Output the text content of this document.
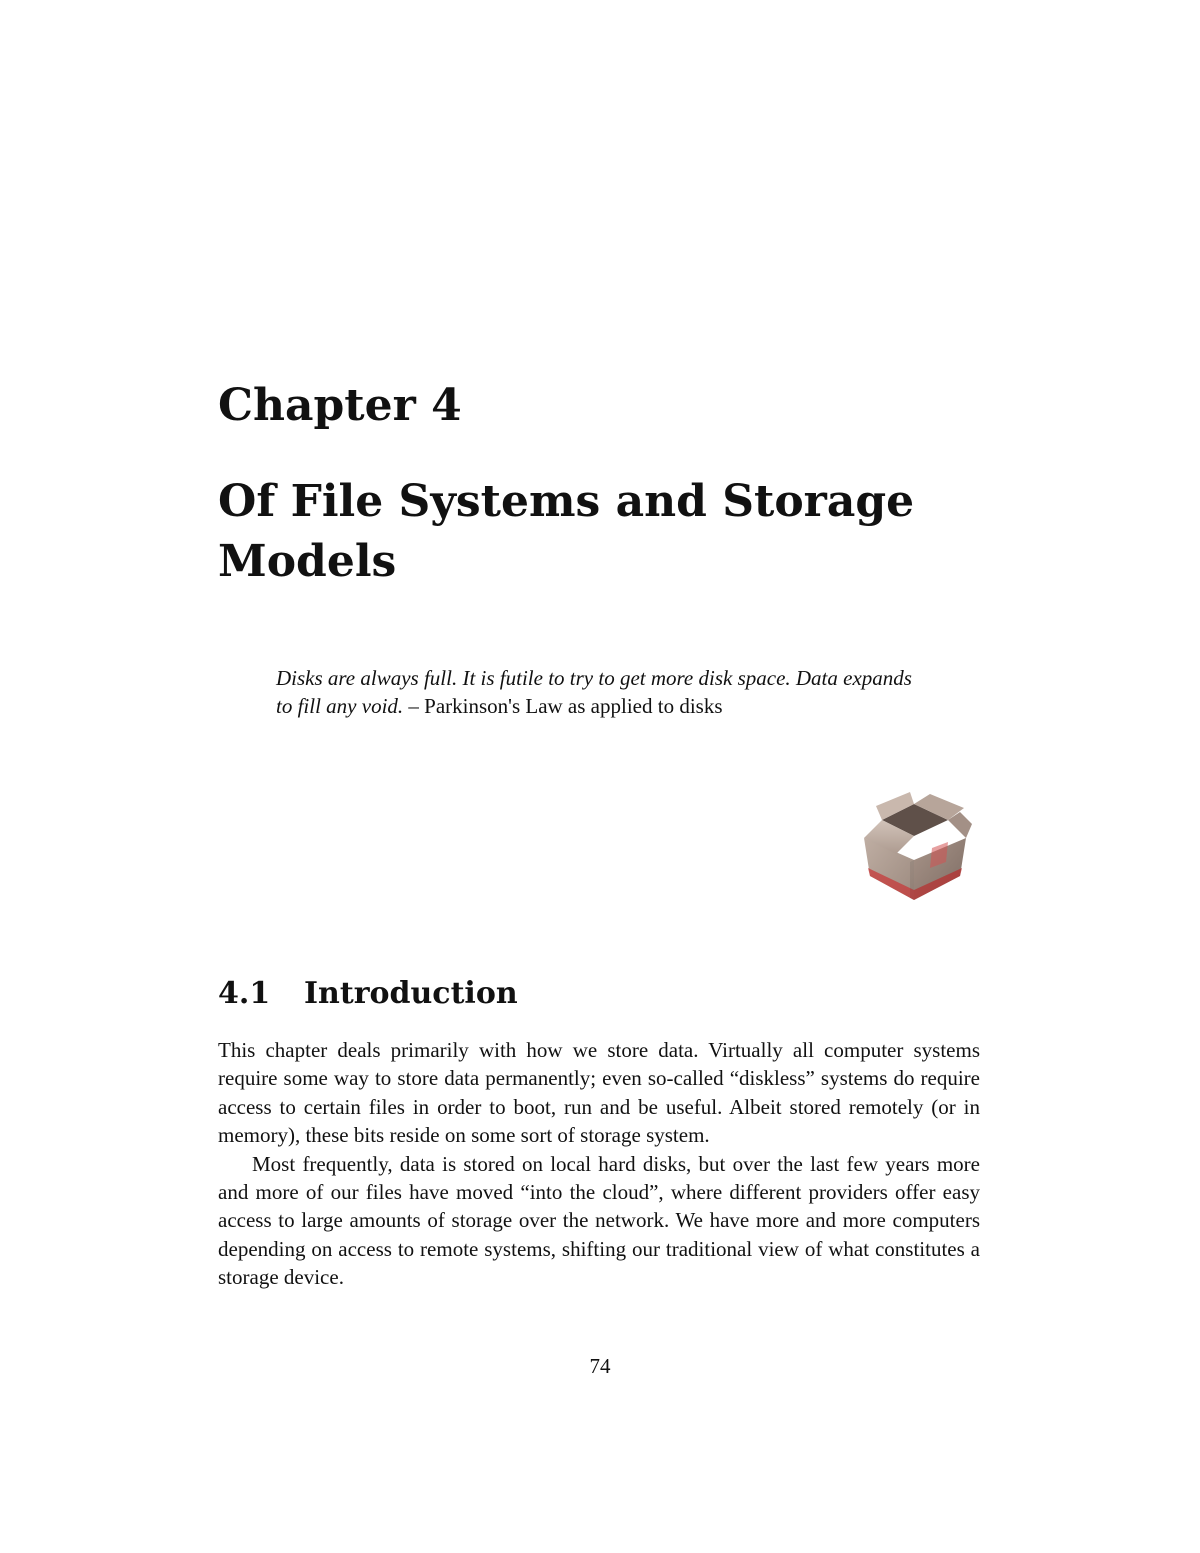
Chapter 4
Of File Systems and Storage Models

Disks are always full. It is futile to try to get more disk space. Data expands to fill any void. – Parkinson's Law as applied to disks

4.1 Introduction

This chapter deals primarily with how we store data. Virtually all computer systems require some way to store data permanently; even so-called “diskless” systems do require access to certain files in order to boot, run and be useful. Albeit stored remotely (or in memory), these bits reside on some sort of storage system.

Most frequently, data is stored on local hard disks, but over the last few years more and more of our files have moved “into the cloud”, where different providers offer easy access to large amounts of storage over the network. We have more and more computers depending on access to remote systems, shifting our traditional view of what constitutes a storage device.

74
